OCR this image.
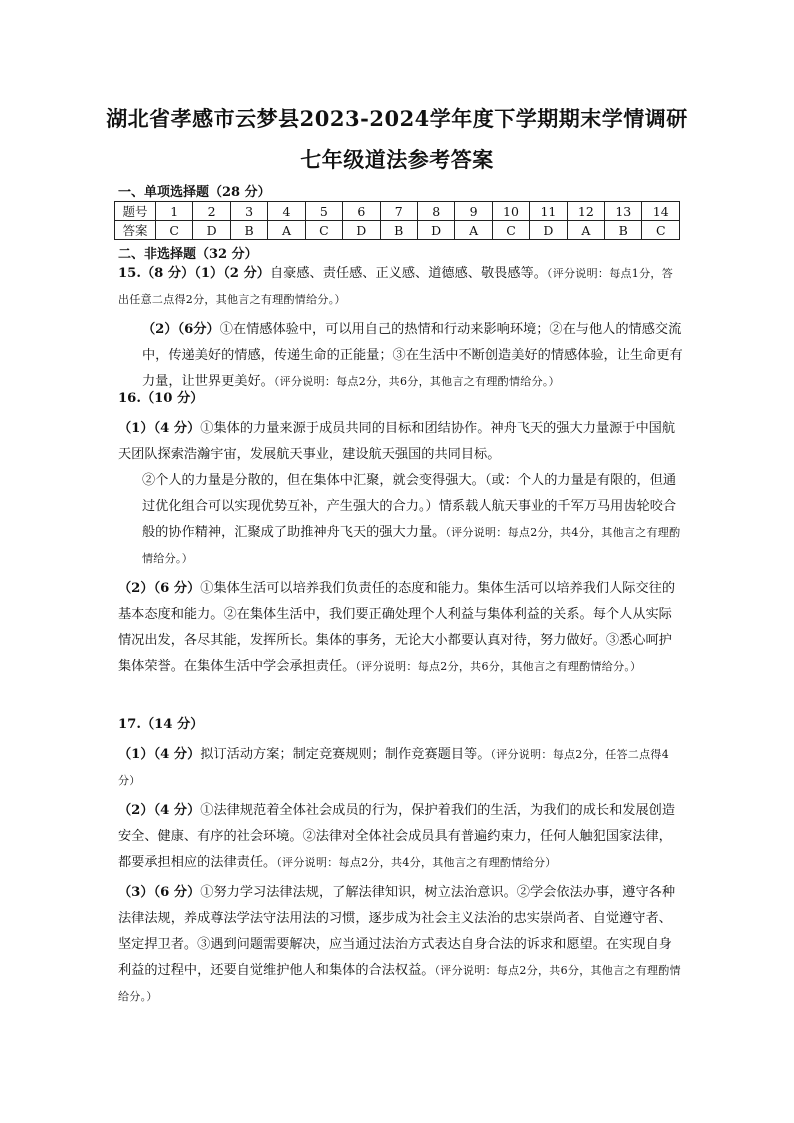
湖北省孝感市云梦县2023-2024学年度下学期期末学情调研
七年级道法参考答案
一、单项选择题（28 分）
题号	1	2	3	4	5	6	7	8	9	10	11	12	13	14
答案	C	D	B	A	C	D	B	D	A	C	D	A	B	C
二、非选择题（32 分）

15.（8 分）（1）（2 分）自豪感、责任感、正义感、道德感、敬畏感等。（评分说明：每点1分，答出任意二点得2分，其他言之有理酌情给分。）

（2）（6分）①在情感体验中，可以用自己的热情和行动来影响环境；②在与他人的情感交流中，传递美好的情感，传递生命的正能量；③在生活中不断创造美好的情感体验，让生命更有力量，让世界更美好。（评分说明：每点2分，共6分，其他言之有理酌情给分。）

16.（10 分）

（1）（4 分）①集体的力量来源于成员共同的目标和团结协作。神舟飞天的强大力量源于中国航天团队探索浩瀚宇宙，发展航天事业，建设航天强国的共同目标。

②个人的力量是分散的，但在集体中汇聚，就会变得强大。（或：个人的力量是有限的，但通过优化组合可以实现优势互补，产生强大的合力。）情系载人航天事业的千军万马用齿轮咬合般的协作精神，汇聚成了助推神舟飞天的强大力量。（评分说明：每点2分，共4分，其他言之有理酌情给分。）

（2）（6 分）①集体生活可以培养我们负责任的态度和能力。集体生活可以培养我们人际交往的基本态度和能力。②在集体生活中，我们要正确处理个人利益与集体利益的关系。每个人从实际情况出发，各尽其能，发挥所长。集体的事务，无论大小都要认真对待，努力做好。③悉心呵护集体荣誉。在集体生活中学会承担责任。（评分说明：每点2分，共6分，其他言之有理酌情给分。）

17.（14 分）

（1）（4 分）拟订活动方案；制定竞赛规则；制作竞赛题目等。（评分说明：每点2分，任答二点得4分）

（2）（4 分）①法律规范着全体社会成员的行为，保护着我们的生活，为我们的成长和发展创造安全、健康、有序的社会环境。②法律对全体社会成员具有普遍约束力，任何人触犯国家法律，都要承担相应的法律责任。（评分说明：每点2分，共4分，其他言之有理酌情给分）

（3）（6 分）①努力学习法律法规，了解法律知识，树立法治意识。②学会依法办事，遵守各种法律法规，养成尊法学法守法用法的习惯，逐步成为社会主义法治的忠实崇尚者、自觉遵守者、坚定捍卫者。③遇到问题需要解决，应当通过法治方式表达自身合法的诉求和愿望。在实现自身利益的过程中，还要自觉维护他人和集体的合法权益。（评分说明：每点2分，共6分，其他言之有理酌情给分。）
